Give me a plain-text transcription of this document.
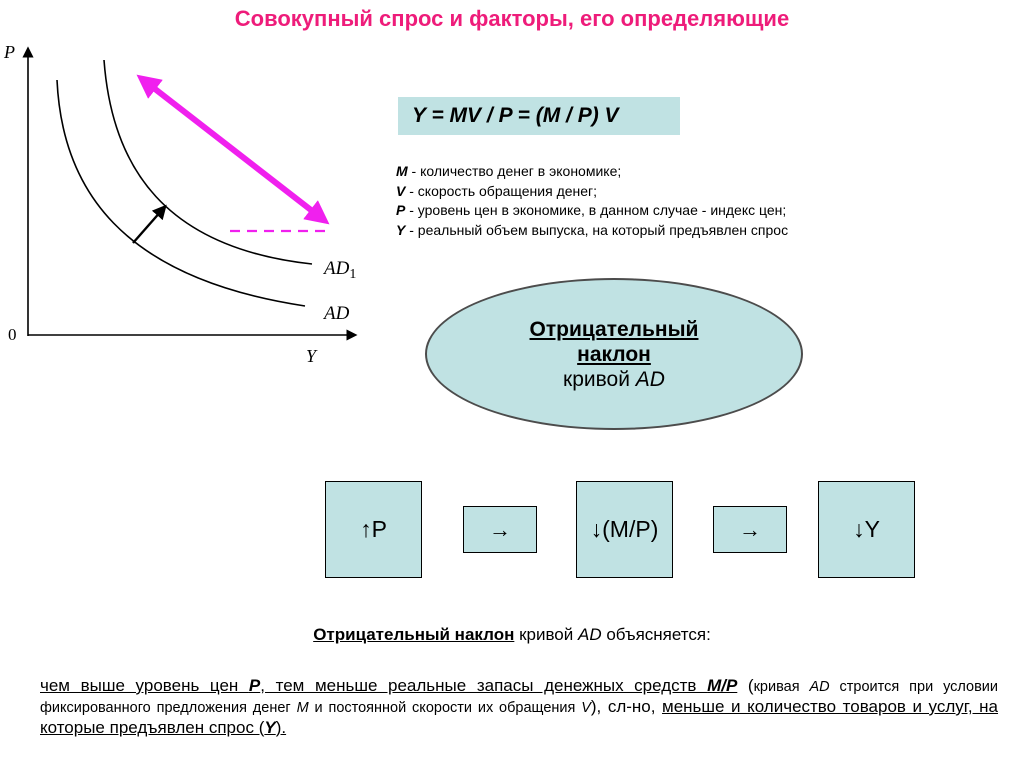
Совокупный спрос и факторы, его определяющие
P
Y
0
AD
$AD_1$
Y = MV / P = (M / P) V
M - количество денег в экономике;
V - скорость обращения денег;
P - уровень цен в экономике, в данном случае - индекс цен;
Y - реальный объем выпуска, на который предъявлен спрос
Отрицательный
наклон
кривой AD
↑P	→	↓(M/P)	→	↓Y
Отрицательный наклон кривой AD объясняется:
чем выше уровень цен P, тем меньше реальные запасы денежных средств M/P (кривая AD строится при условии фиксированного предложения денег M и постоянной скорости их обращения V), сл-но, меньше и количество товаров и услуг, на которые предъявлен спрос (Y).
